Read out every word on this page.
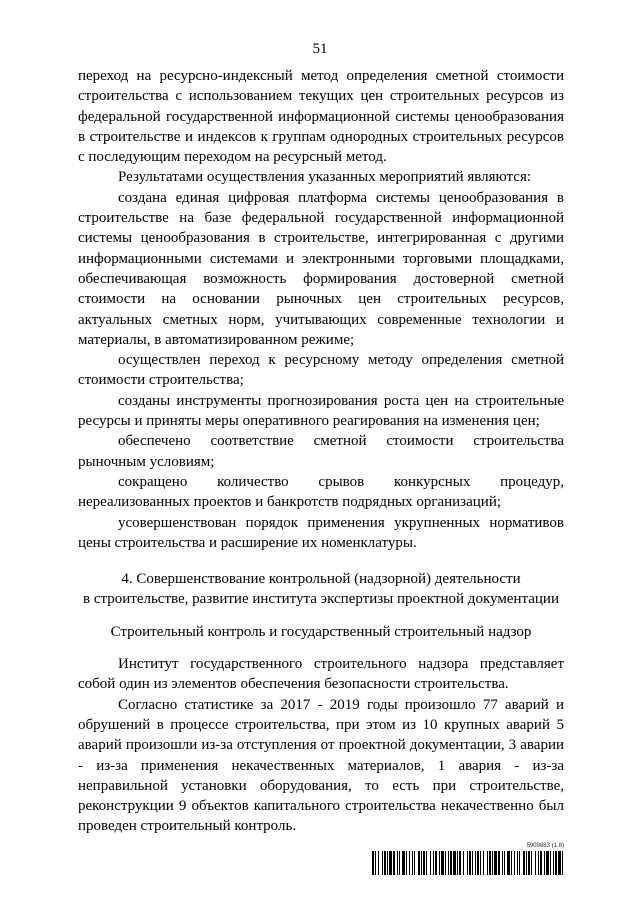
51

переход на ресурсно-индексный метод определения сметной стоимости строительства с использованием текущих цен строительных ресурсов из федеральной государственной информационной системы ценообразования в строительстве и индексов к группам однородных строительных ресурсов с последующим переходом на ресурсный метод.

Результатами осуществления указанных мероприятий являются:

создана единая цифровая платформа системы ценообразования в строительстве на базе федеральной государственной информационной системы ценообразования в строительстве, интегрированная с другими информационными системами и электронными торговыми площадками, обеспечивающая возможность формирования достоверной сметной стоимости на основании рыночных цен строительных ресурсов, актуальных сметных норм, учитывающих современные технологии и материалы, в автоматизированном режиме;

осуществлен переход к ресурсному методу определения сметной стоимости строительства;

созданы инструменты прогнозирования роста цен на строительные ресурсы и приняты меры оперативного реагирования на изменения цен;

обеспечено соответствие сметной стоимости строительства рыночным условиям;

сокращено количество срывов конкурсных процедур, нереализованных проектов и банкротств подрядных организаций;

усовершенствован порядок применения укрупненных нормативов цены строительства и расширение их номенклатуры.

4. Совершенствование контрольной (надзорной) деятельности
в строительстве, развитие института экспертизы проектной документации
Строительный контроль и государственный строительный надзор

Институт государственного строительного надзора представляет собой один из элементов обеспечения безопасности строительства.

Согласно статистике за 2017 - 2019 годы произошло 77 аварий и обрушений в процессе строительства, при этом из 10 крупных аварий 5 аварий произошли из-за отступления от проектной документации, 3 аварии - из-за применения некачественных материалов, 1 авария - из-за неправильной установки оборудования, то есть при строительстве, реконструкции 9 объектов капитального строительства некачественно был проведен строительный контроль.

5909883 (1.8)
